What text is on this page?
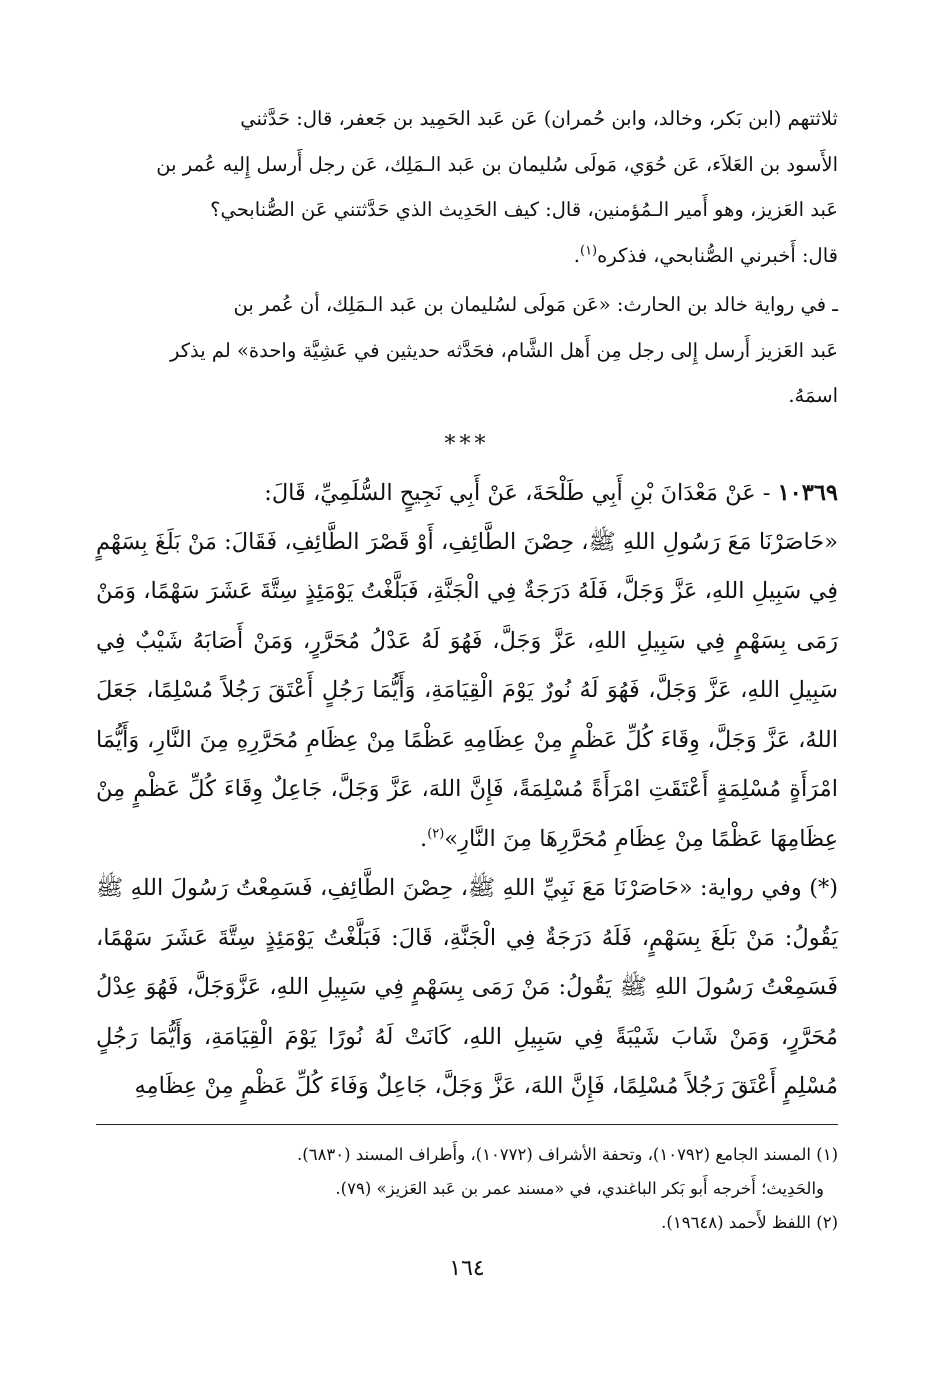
ثلاثتهم (ابن بَكر، وخالد، وابن حُمران) عَن عَبد الحَمِيد بن جَعفر، قال: حَدَّثني
الأَسود بن العَلاَء، عَن حُوَي، مَولَى سُليمان بن عَبد الـمَلِك، عَن رجل أَرسل إِليه عُمر بن
عَبد العَزيز، وهو أَمير الـمُؤمنين، قال: كيف الحَدِيث الذي حَدَّثتني عَن الصُّنابحي؟
قال: أَخبرني الصُّنابحي، فذكره$^{(١)}$.

ـ في رواية خالد بن الحارث: «عَن مَولَى لسُليمان بن عَبد الـمَلِك، أن عُمر بن
عَبد العَزيز أَرسل إِلى رجل مِن أَهل الشَّام، فحَدَّثه حديثين في عَشِيَّة واحدة» لم يذكر
اسمَهُ.

***

١٠٣٦٩ - عَنْ مَعْدَانَ بْنِ أَبِي طَلْحَةَ، عَنْ أَبِي نَجِيحٍ السُّلَمِيِّ، قَالَ:

«حَاصَرْنَا مَعَ رَسُولِ اللهِ ﷺ، حِصْنَ الطَّائِفِ، أَوْ قَصْرَ الطَّائِفِ، فَقَالَ: مَنْ بَلَغَ بِسَهْمٍ فِي سَبِيلِ اللهِ، عَزَّ وَجَلَّ، فَلَهُ دَرَجَةٌ فِي الْجَنَّةِ، فَبَلَّغْتُ يَوْمَئِذٍ سِتَّةَ عَشَرَ سَهْمًا، وَمَنْ رَمَى بِسَهْمٍ فِي سَبِيلِ اللهِ، عَزَّ وَجَلَّ، فَهُوَ لَهُ عَدْلُ مُحَرَّرٍ، وَمَنْ أَصَابَهُ شَيْبٌ فِي سَبِيلِ اللهِ، عَزَّ وَجَلَّ، فَهُوَ لَهُ نُورٌ يَوْمَ الْقِيَامَةِ، وَأَيُّمَا رَجُلٍ أَعْتَقَ رَجُلاً مُسْلِمًا، جَعَلَ اللهُ، عَزَّ وَجَلَّ، وِقَاءَ كُلِّ عَظْمٍ مِنْ عِظَامِهِ عَظْمًا مِنْ عِظَامِ مُحَرَّرِهِ مِنَ النَّارِ، وَأَيُّمَا امْرَأَةٍ مُسْلِمَةٍ أَعْتَقَتِ امْرَأَةً مُسْلِمَةً، فَإِنَّ اللهَ، عَزَّ وَجَلَّ، جَاعِلٌ وِقَاءَ كُلِّ عَظْمٍ مِنْ عِظَامِهَا عَظْمًا مِنْ عِظَامِ مُحَرَّرِهَا مِنَ النَّارِ»$^{(٢)}$.

(*) وفي رواية: «حَاصَرْنَا مَعَ نَبِيِّ اللهِ ﷺ، حِصْنَ الطَّائِفِ، فَسَمِعْتُ رَسُولَ اللهِ ﷺ يَقُولُ: مَنْ بَلَغَ بِسَهْمٍ، فَلَهُ دَرَجَةٌ فِي الْجَنَّةِ، قَالَ: فَبَلَّغْتُ يَوْمَئِذٍ سِتَّةَ عَشَرَ سَهْمًا، فَسَمِعْتُ رَسُولَ اللهِ ﷺ يَقُولُ: مَنْ رَمَى بِسَهْمٍ فِي سَبِيلِ اللهِ، عَزَّوَجَلَّ، فَهُوَ عِدْلُ مُحَرَّرٍ، وَمَنْ شَابَ شَيْبَةً فِي سَبِيلِ اللهِ، كَانَتْ لَهُ نُورًا يَوْمَ الْقِيَامَةِ، وَأَيُّمَا رَجُلٍ مُسْلِمٍ أَعْتَقَ رَجُلاً مُسْلِمًا، فَإِنَّ اللهَ، عَزَّ وَجَلَّ، جَاعِلٌ وَفَاءَ كُلِّ عَظْمٍ مِنْ عِظَامِهِ

(١) المسند الجامع (١٠٧٩٢)، وتحفة الأشراف (١٠٧٧٢)، وأَطراف المسند (٦٨٣٠).
والحَدِيث؛ أَخرجه أَبو بَكر الباغندي، في «مسند عمر بن عَبد العَزيز» (٧٩).
(٢) اللفظ لأَحمد (١٩٦٤٨).
١٦٤
